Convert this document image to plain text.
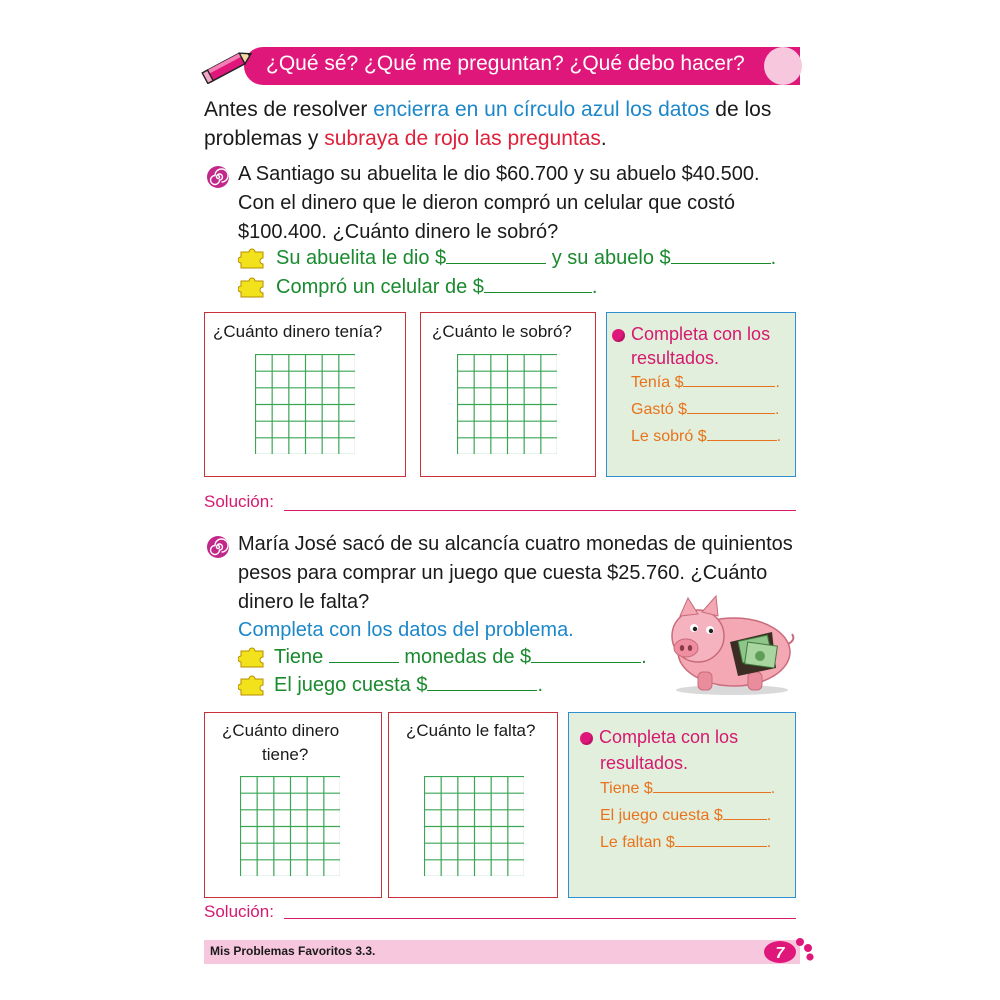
¿Qué sé? ¿Qué me preguntan? ¿Qué debo hacer?
Antes de resolver encierra en un círculo azul los datos de los
problemas y subraya de rojo las preguntas.
A Santiago su abuelita le dio $60.700 y su abuelo $40.500.
Con el dinero que le dieron compró un celular que costó
$100.400. ¿Cuánto dinero le sobró?
Su abuelita le dio $	y su abuelo $	.
Compró un celular de $	.
¿Cuánto dinero tenía?	¿Cuánto le sobró?	Completa con los
resultados.
Tenía $	.
Gastó $	.
Le sobró $	.
Solución:
María José sacó de su alcancía cuatro monedas de quinientos
pesos para comprar un juego que cuesta $25.760. ¿Cuánto
dinero le falta?
Completa con los datos del problema.
Tiene	monedas de $	.
El juego cuesta $	.
¿Cuánto dinero
tiene?
¿Cuánto le falta?	Completa con los
resultados.
Tiene $	.
El juego cuesta $	.
Le faltan $	.
Solución:
Mis Problemas Favoritos 3.3.	7
